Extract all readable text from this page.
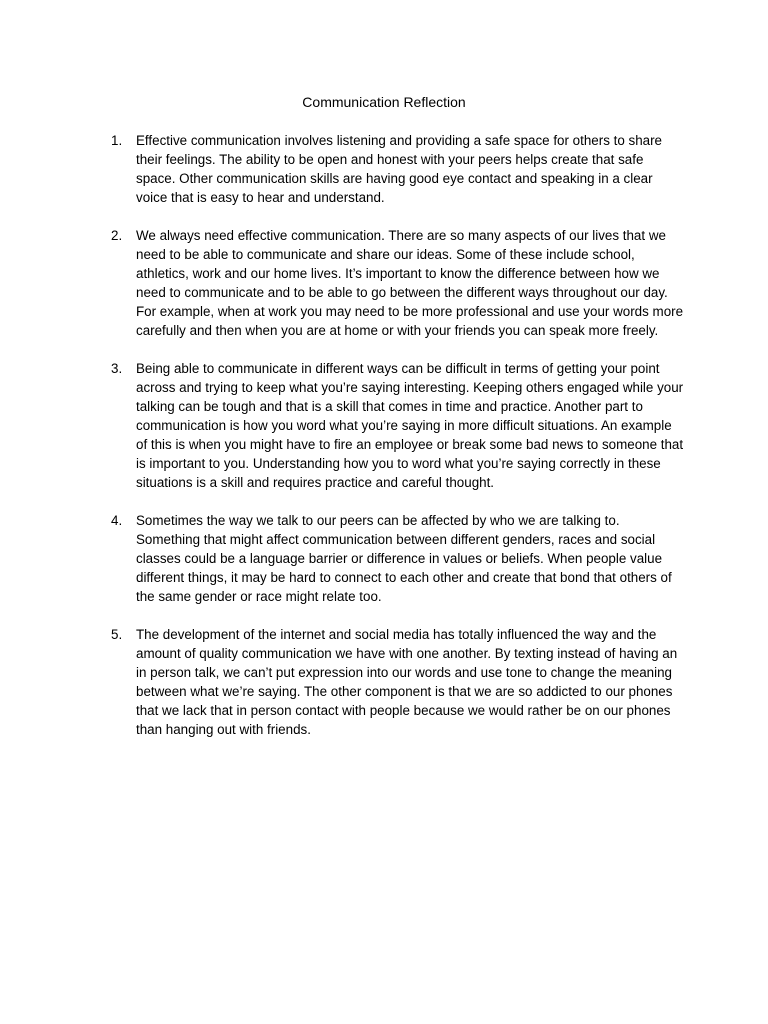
Communication Reflection
1.	Effective communication involves listening and providing a safe space for others to share their feelings. The ability to be open and honest with your peers helps create that safe space. Other communication skills are having good eye contact and speaking in a clear voice that is easy to hear and understand.

2.	We always need effective communication. There are so many aspects of our lives that we need to be able to communicate and share our ideas. Some of these include school, athletics, work and our home lives. It’s important to know the difference between how we need to communicate and to be able to go between the different ways throughout our day. For example, when at work you may need to be more professional and use your words more carefully and then when you are at home or with your friends you can speak more freely.

3.	Being able to communicate in different ways can be difficult in terms of getting your point across and trying to keep what you’re saying interesting. Keeping others engaged while your talking can be tough and that is a skill that comes in time and practice. Another part to communication is how you word what you’re saying in more difficult situations. An example of this is when you might have to fire an employee or break some bad news to someone that is important to you. Understanding how you to word what you’re saying correctly in these situations is a skill and requires practice and careful thought.

4.	Sometimes the way we talk to our peers can be affected by who we are talking to. Something that might affect communication between different genders, races and social classes could be a language barrier or difference in values or beliefs. When people value different things, it may be hard to connect to each other and create that bond that others of the same gender or race might relate too.

5.	The development of the internet and social media has totally influenced the way and the amount of quality communication we have with one another. By texting instead of having an in person talk, we can’t put expression into our words and use tone to change the meaning between what we’re saying. The other component is that we are so addicted to our phones that we lack that in person contact with people because we would rather be on our phones than hanging out with friends.
